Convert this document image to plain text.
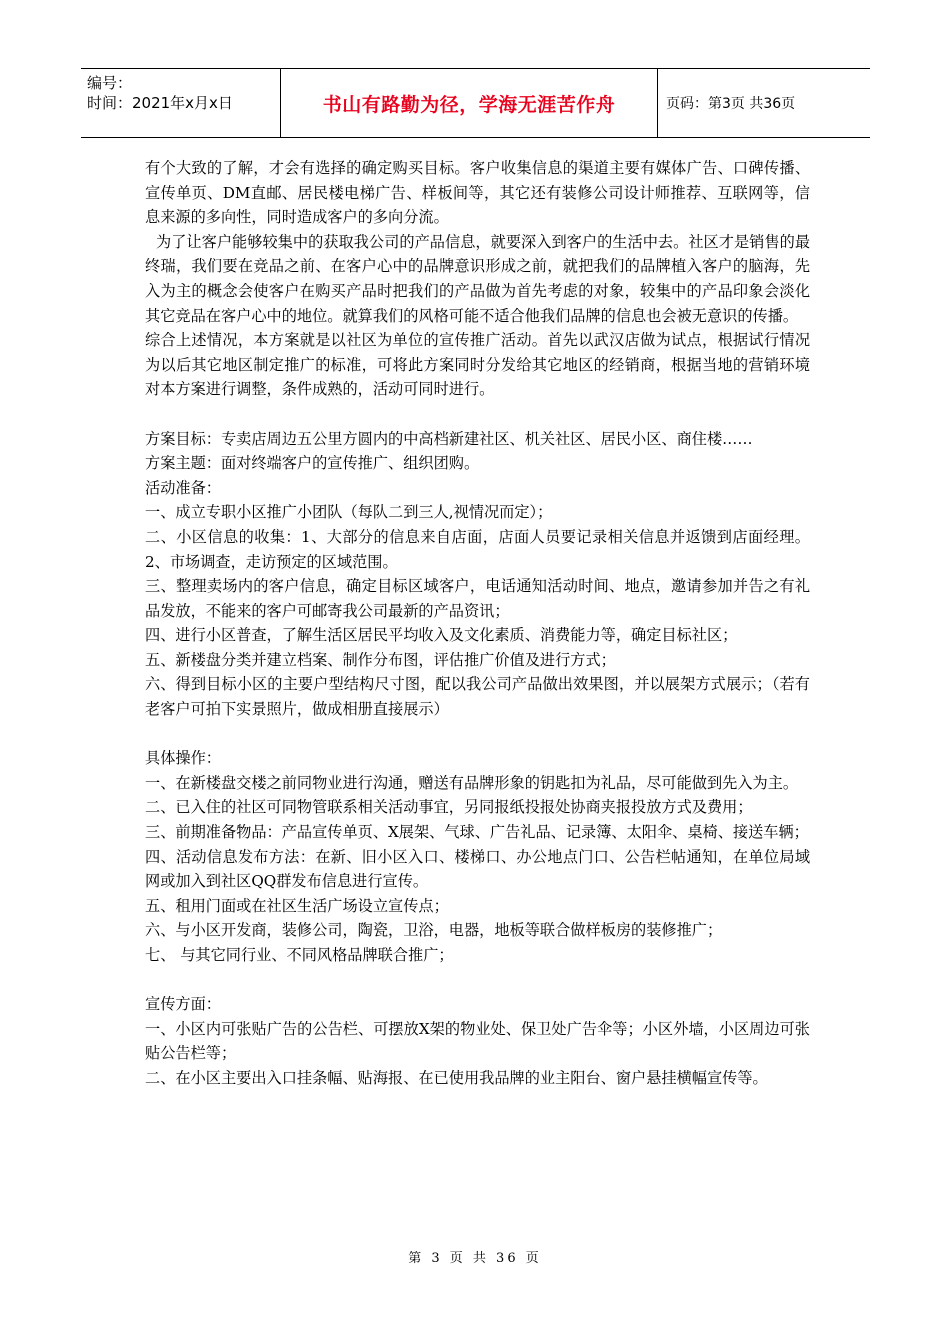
编号：
时间：2021年x月x日	书山有路勤为径，学海无涯苦作舟	页码：第3页 共36页

有个大致的了解，才会有选择的确定购买目标。客户收集信息的渠道主要有媒体广告、口碑传播、宣传单页、DM直邮、居民楼电梯广告、样板间等，其它还有装修公司设计师推荐、互联网等，信息来源的多向性，同时造成客户的多向分流。

为了让客户能够较集中的获取我公司的产品信息，就要深入到客户的生活中去。社区才是销售的最终瑞，我们要在竞品之前、在客户心中的品牌意识形成之前，就把我们的品牌植入客户的脑海，先入为主的概念会使客户在购买产品时把我们的产品做为首先考虑的对象，较集中的产品印象会淡化其它竞品在客户心中的地位。就算我们的风格可能不适合他我们品牌的信息也会被无意识的传播。

综合上述情况，本方案就是以社区为单位的宣传推广活动。首先以武汉店做为试点，根据试行情况为以后其它地区制定推广的标准，可将此方案同时分发给其它地区的经销商，根据当地的营销环境对本方案进行调整，条件成熟的，活动可同时进行。

方案目标：专卖店周边五公里方圆内的中高档新建社区、机关社区、居民小区、商住楼……

方案主题：面对终端客户的宣传推广、组织团购。

活动准备：

一、成立专职小区推广小团队（每队二到三人,视情况而定）；

二、小区信息的收集：1、大部分的信息来自店面，店面人员要记录相关信息并返馈到店面经理。2、市场调查，走访预定的区域范围。

三、整理卖场内的客户信息，确定目标区域客户，电话通知活动时间、地点，邀请参加并告之有礼品发放，不能来的客户可邮寄我公司最新的产品资讯；

四、进行小区普查，了解生活区居民平均收入及文化素质、消费能力等，确定目标社区；

五、新楼盘分类并建立档案、制作分布图，评估推广价值及进行方式；

六、得到目标小区的主要户型结构尺寸图，配以我公司产品做出效果图，并以展架方式展示；（若有老客户可拍下实景照片，做成相册直接展示）

具体操作：

一、在新楼盘交楼之前同物业进行沟通，赠送有品牌形象的钥匙扣为礼品，尽可能做到先入为主。

二、已入住的社区可同物管联系相关活动事宜，另同报纸投报处协商夹报投放方式及费用；

三、前期准备物品：产品宣传单页、X展架、气球、广告礼品、记录簿、太阳伞、桌椅、接送车辆；

四、活动信息发布方法：在新、旧小区入口、楼梯口、办公地点门口、公告栏帖通知，在单位局域网或加入到社区QQ群发布信息进行宣传。

五、租用门面或在社区生活广场设立宣传点；

六、与小区开发商，装修公司，陶瓷，卫浴，电器，地板等联合做样板房的装修推广；

七、 与其它同行业、不同风格品牌联合推广；

宣传方面：

一、小区内可张贴广告的公告栏、可摆放X架的物业处、保卫处广告伞等；小区外墙，小区周边可张贴公告栏等；

二、在小区主要出入口挂条幅、贴海报、在已使用我品牌的业主阳台、窗户悬挂横幅宣传等。

第 3 页 共 36 页
